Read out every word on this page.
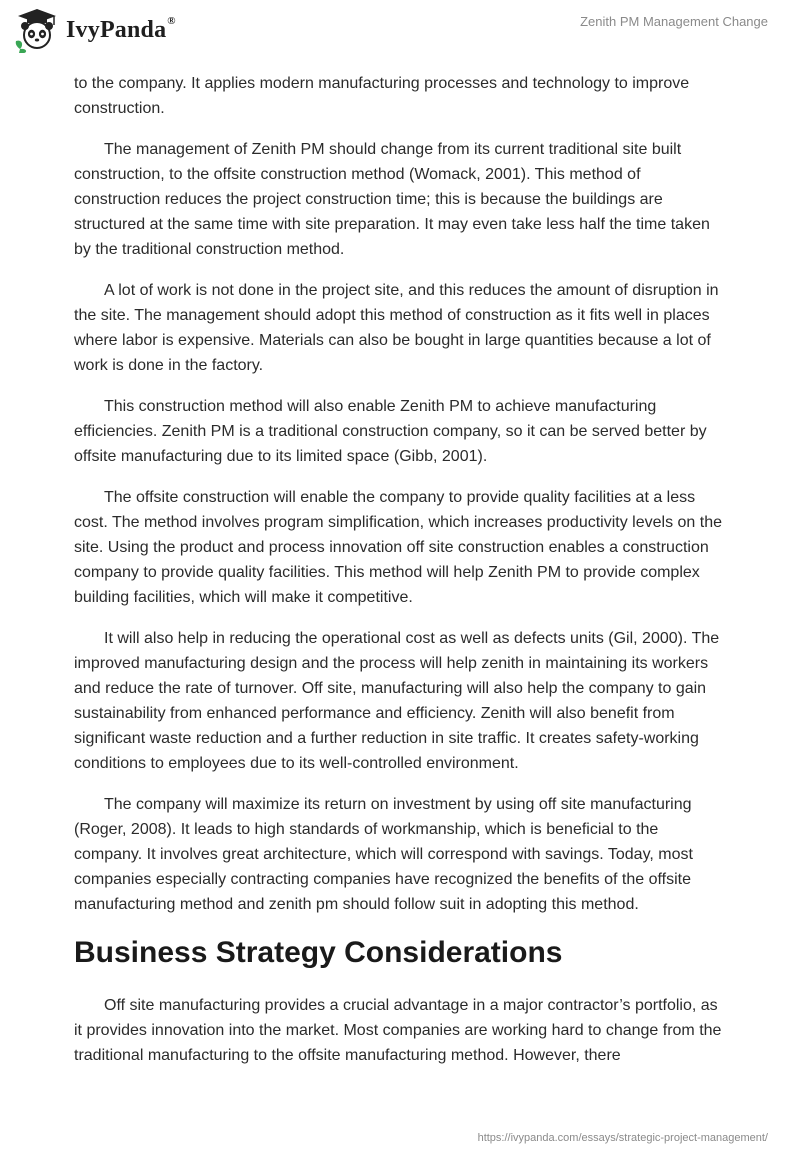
IvyPanda®	Zenith PM Management Change

to the company. It applies modern manufacturing processes and technology to improve construction.

The management of Zenith PM should change from its current traditional site built construction, to the offsite construction method (Womack, 2001). This method of construction reduces the project construction time; this is because the buildings are structured at the same time with site preparation. It may even take less half the time taken by the traditional construction method.

A lot of work is not done in the project site, and this reduces the amount of disruption in the site. The management should adopt this method of construction as it fits well in places where labor is expensive. Materials can also be bought in large quantities because a lot of work is done in the factory.

This construction method will also enable Zenith PM to achieve manufacturing efficiencies. Zenith PM is a traditional construction company, so it can be served better by offsite manufacturing due to its limited space (Gibb, 2001).

The offsite construction will enable the company to provide quality facilities at a less cost. The method involves program simplification, which increases productivity levels on the site. Using the product and process innovation off site construction enables a construction company to provide quality facilities. This method will help Zenith PM to provide complex building facilities, which will make it competitive.

It will also help in reducing the operational cost as well as defects units (Gil, 2000). The improved manufacturing design and the process will help zenith in maintaining its workers and reduce the rate of turnover. Off site, manufacturing will also help the company to gain sustainability from enhanced performance and efficiency. Zenith will also benefit from significant waste reduction and a further reduction in site traffic. It creates safety-working conditions to employees due to its well-controlled environment.

The company will maximize its return on investment by using off site manufacturing (Roger, 2008). It leads to high standards of workmanship, which is beneficial to the company. It involves great architecture, which will correspond with savings. Today, most companies especially contracting companies have recognized the benefits of the offsite manufacturing method and zenith pm should follow suit in adopting this method.

Business Strategy Considerations

Off site manufacturing provides a crucial advantage in a major contractor’s portfolio, as it provides innovation into the market. Most companies are working hard to change from the traditional manufacturing to the offsite manufacturing method. However, there

https://ivypanda.com/essays/strategic-project-management/
